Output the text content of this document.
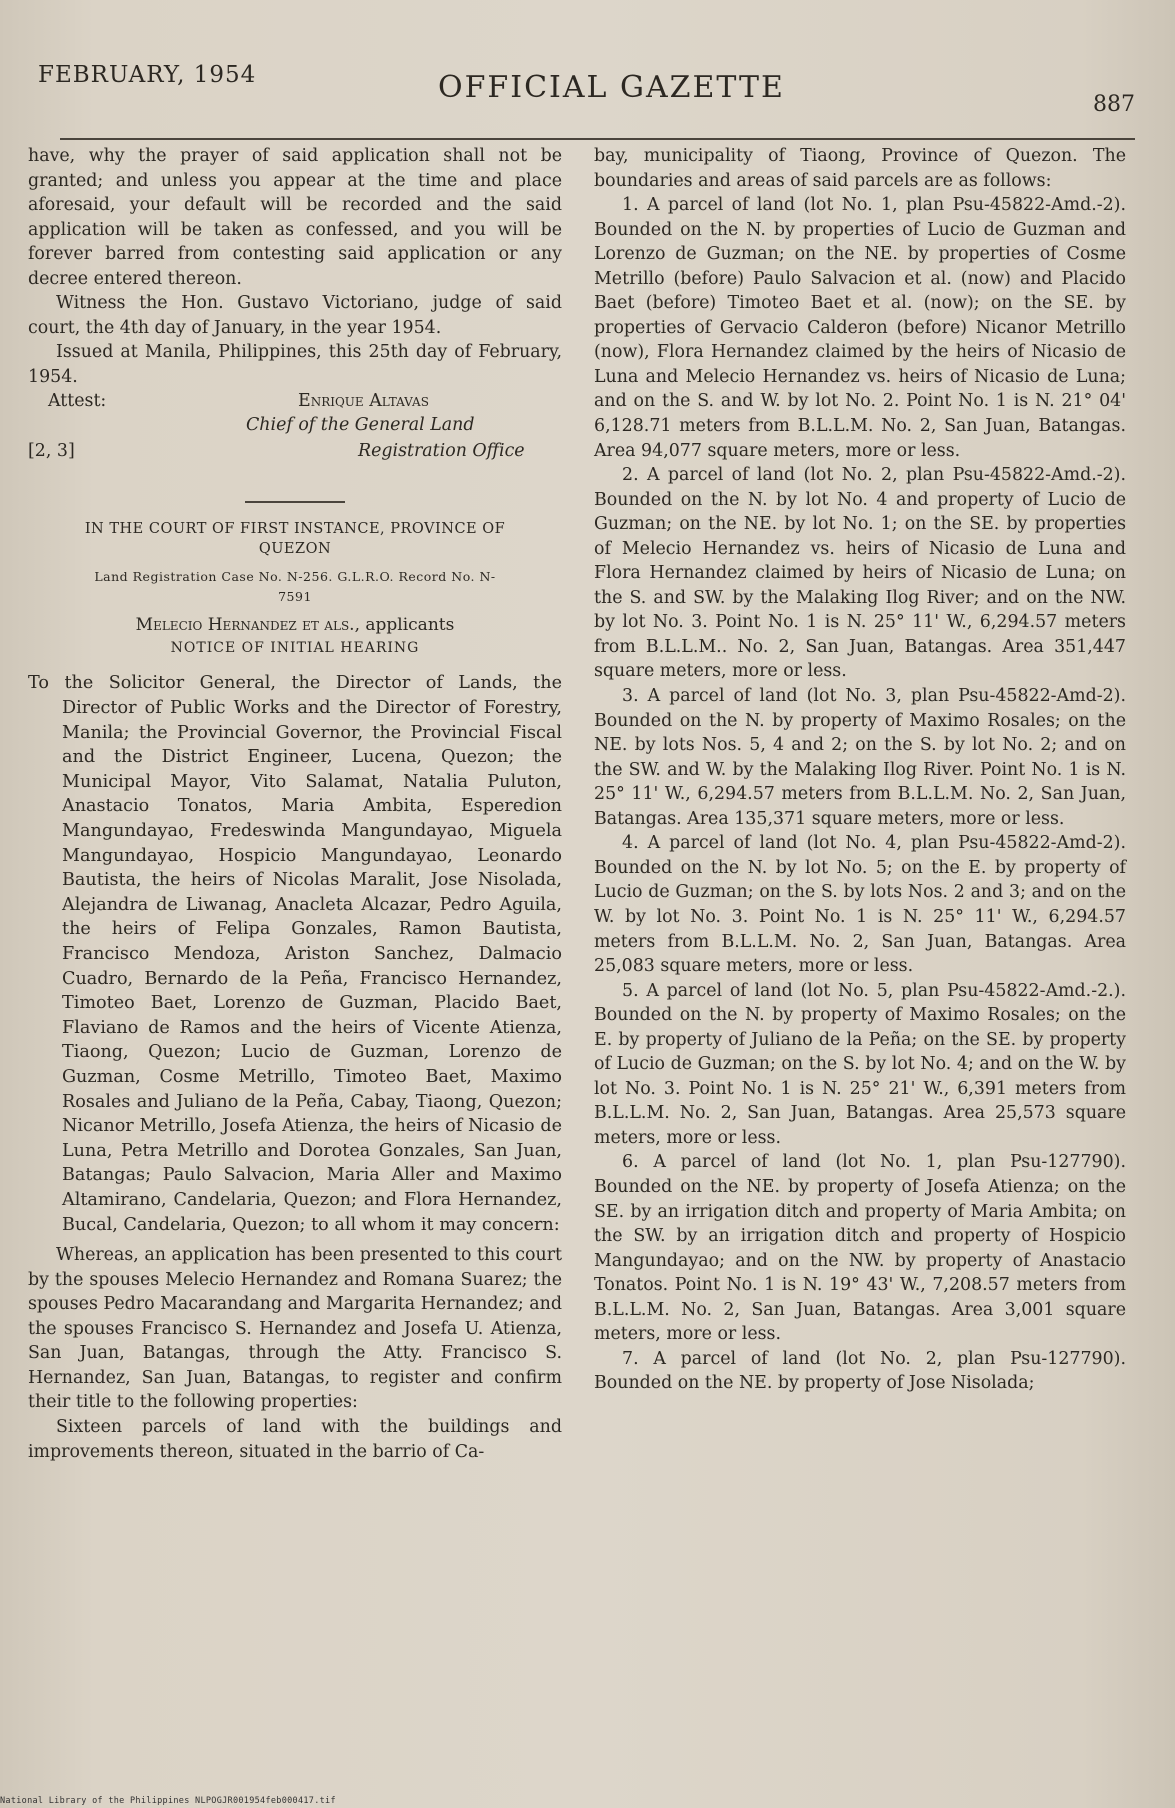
FEBRUARY, 1954	OFFICIAL GAZETTE	887

have, why the prayer of said application shall not be granted; and unless you appear at the time and place aforesaid, your default will be recorded and the said application will be taken as confessed, and you will be forever barred from contesting said application or any decree entered thereon.

Witness the Hon. Gustavo Victoriano, judge of said court, the 4th day of January, in the year 1954.

Issued at Manila, Philippines, this 25th day of February, 1954.

Attest:	Enrique Altavas
Chief of the General Land
[2, 3]	Registration Office
IN THE COURT OF FIRST INSTANCE, PROVINCE OF QUEZON
Land Registration Case No. N-256. G.L.R.O. Record No. N-7591
Melecio Hernandez et als., applicants
NOTICE OF INITIAL HEARING

To the Solicitor General, the Director of Lands, the Director of Public Works and the Director of Forestry, Manila; the Provincial Governor, the Provincial Fiscal and the District Engineer, Lucena, Quezon; the Municipal Mayor, Vito Salamat, Natalia Puluton, Anastacio Tonatos, Maria Ambita, Esperedion Mangundayao, Fredeswinda Mangundayao, Miguela Mangundayao, Hospicio Mangundayao, Leonardo Bautista, the heirs of Nicolas Maralit, Jose Nisolada, Alejandra de Liwanag, Anacleta Alcazar, Pedro Aguila, the heirs of Felipa Gonzales, Ramon Bautista, Francisco Mendoza, Ariston Sanchez, Dalmacio Cuadro, Bernardo de la Peña, Francisco Hernandez, Timoteo Baet, Lorenzo de Guzman, Placido Baet, Flaviano de Ramos and the heirs of Vicente Atienza, Tiaong, Quezon; Lucio de Guzman, Lorenzo de Guzman, Cosme Metrillo, Timoteo Baet, Maximo Rosales and Juliano de la Peña, Cabay, Tiaong, Quezon; Nicanor Metrillo, Josefa Atienza, the heirs of Nicasio de Luna, Petra Metrillo and Dorotea Gonzales, San Juan, Batangas; Paulo Salvacion, Maria Aller and Maximo Altamirano, Candelaria, Quezon; and Flora Hernandez, Bucal, Candelaria, Quezon; to all whom it may concern:

Whereas, an application has been presented to this court by the spouses Melecio Hernandez and Romana Suarez; the spouses Pedro Macarandang and Margarita Hernandez; and the spouses Francisco S. Hernandez and Josefa U. Atienza, San Juan, Batangas, through the Atty. Francisco S. Hernandez, San Juan, Batangas, to register and confirm their title to the following properties:

Sixteen parcels of land with the buildings and improvements thereon, situated in the barrio of Ca-

bay, municipality of Tiaong, Province of Quezon. The boundaries and areas of said parcels are as follows:

1. A parcel of land (lot No. 1, plan Psu-45822-Amd.-2). Bounded on the N. by properties of Lucio de Guzman and Lorenzo de Guzman; on the NE. by properties of Cosme Metrillo (before) Paulo Salvacion et al. (now) and Placido Baet (before) Timoteo Baet et al. (now); on the SE. by properties of Gervacio Calderon (before) Nicanor Metrillo (now), Flora Hernandez claimed by the heirs of Nicasio de Luna and Melecio Hernandez vs. heirs of Nicasio de Luna; and on the S. and W. by lot No. 2. Point No. 1 is N. 21° 04' 6,128.71 meters from B.L.L.M. No. 2, San Juan, Batangas. Area 94,077 square meters, more or less.

2. A parcel of land (lot No. 2, plan Psu-45822-Amd.-2). Bounded on the N. by lot No. 4 and property of Lucio de Guzman; on the NE. by lot No. 1; on the SE. by properties of Melecio Hernandez vs. heirs of Nicasio de Luna and Flora Hernandez claimed by heirs of Nicasio de Luna; on the S. and SW. by the Malaking Ilog River; and on the NW. by lot No. 3. Point No. 1 is N. 25° 11' W., 6,294.57 meters from B.L.L.M.. No. 2, San Juan, Batangas. Area 351,447 square meters, more or less.

3. A parcel of land (lot No. 3, plan Psu-45822-Amd-2). Bounded on the N. by property of Maximo Rosales; on the NE. by lots Nos. 5, 4 and 2; on the S. by lot No. 2; and on the SW. and W. by the Malaking Ilog River. Point No. 1 is N. 25° 11' W., 6,294.57 meters from B.L.L.M. No. 2, San Juan, Batangas. Area 135,371 square meters, more or less.

4. A parcel of land (lot No. 4, plan Psu-45822-Amd-2). Bounded on the N. by lot No. 5; on the E. by property of Lucio de Guzman; on the S. by lots Nos. 2 and 3; and on the W. by lot No. 3. Point No. 1 is N. 25° 11' W., 6,294.57 meters from B.L.L.M. No. 2, San Juan, Batangas. Area 25,083 square meters, more or less.

5. A parcel of land (lot No. 5, plan Psu-45822-Amd.-2.). Bounded on the N. by property of Maximo Rosales; on the E. by property of Juliano de la Peña; on the SE. by property of Lucio de Guzman; on the S. by lot No. 4; and on the W. by lot No. 3. Point No. 1 is N. 25° 21' W., 6,391 meters from B.L.L.M. No. 2, San Juan, Batangas. Area 25,573 square meters, more or less.

6. A parcel of land (lot No. 1, plan Psu-127790). Bounded on the NE. by property of Josefa Atienza; on the SE. by an irrigation ditch and property of Maria Ambita; on the SW. by an irrigation ditch and property of Hospicio Mangundayao; and on the NW. by property of Anastacio Tonatos. Point No. 1 is N. 19° 43' W., 7,208.57 meters from B.L.L.M. No. 2, San Juan, Batangas. Area 3,001 square meters, more or less.

7. A parcel of land (lot No. 2, plan Psu-127790). Bounded on the NE. by property of Jose Nisolada;

National Library of the Philippines NLPOGJR001954feb000417.tif
